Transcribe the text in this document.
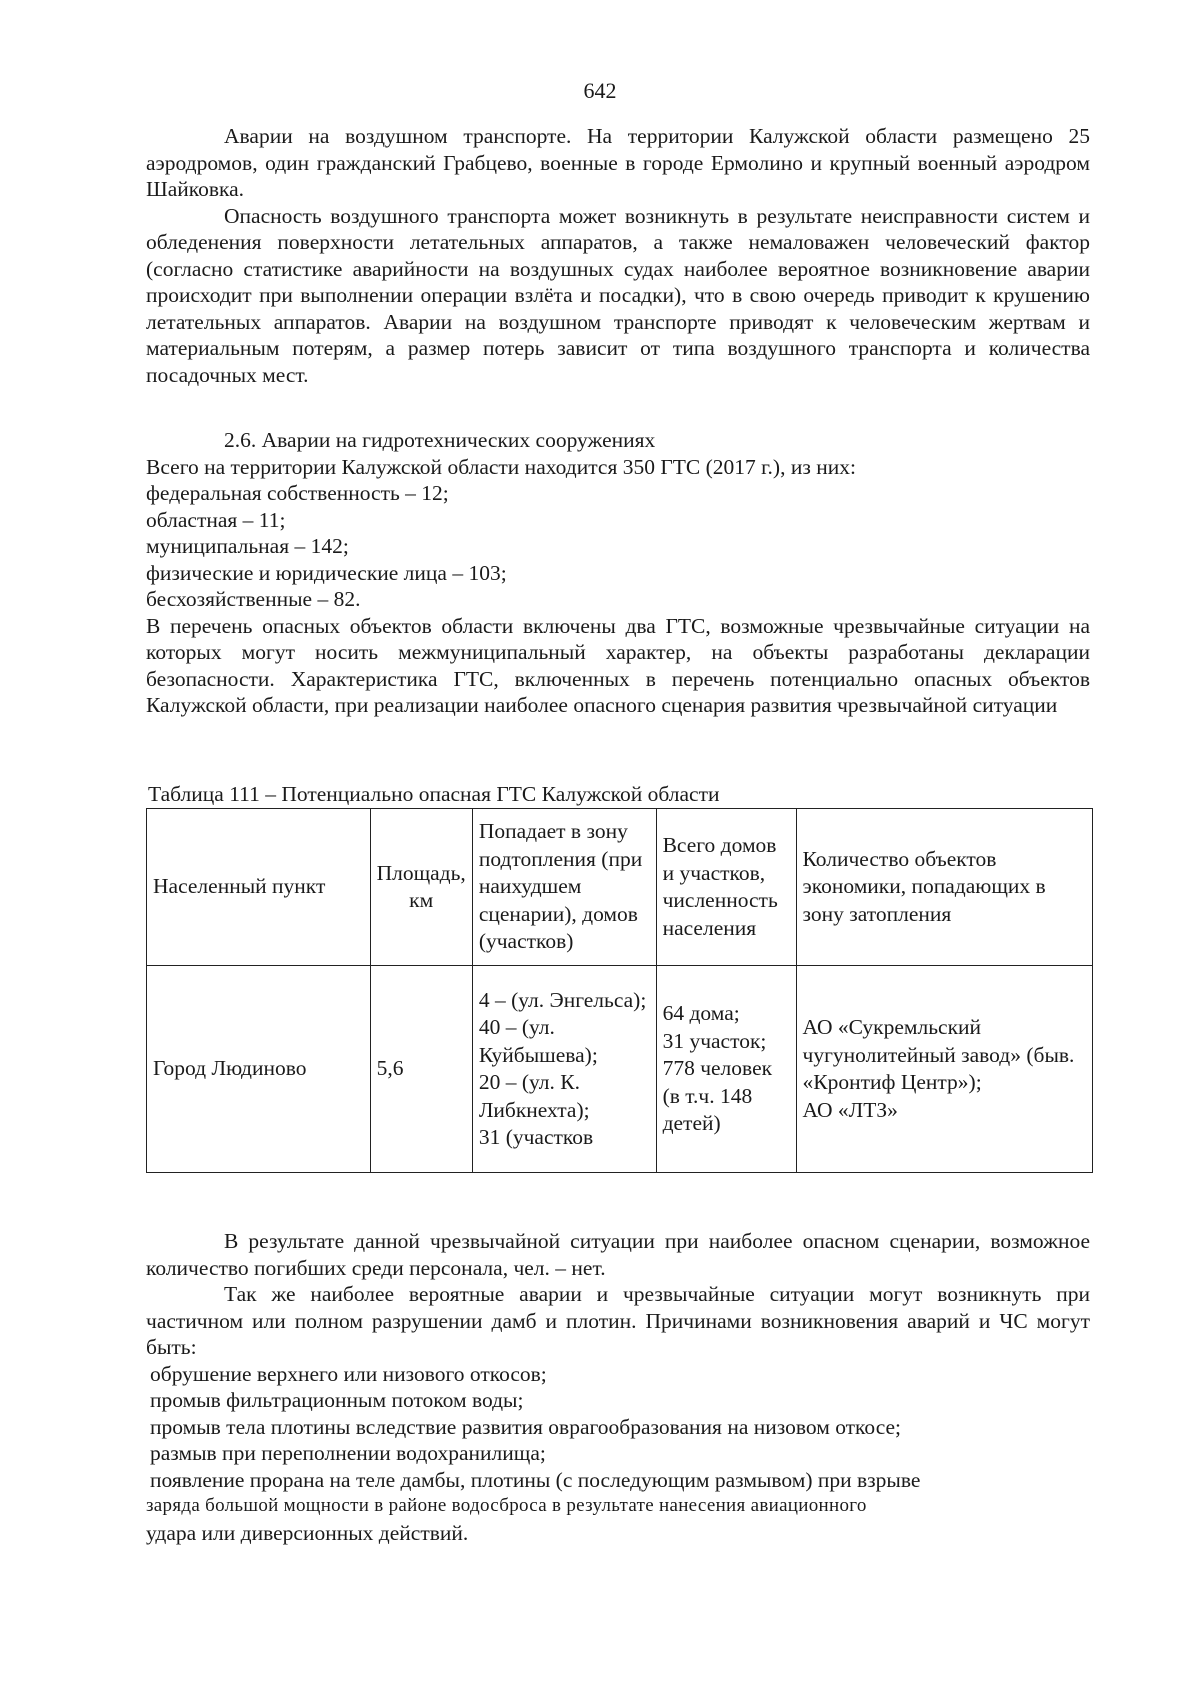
642

Аварии на воздушном транспорте. На территории Калужской области размещено 25 аэродромов, один гражданский Грабцево, военные в городе Ермолино и крупный военный аэродром Шайковка.

Опасность воздушного транспорта может возникнуть в результате неисправности систем и обледенения поверхности летательных аппаратов, а также немаловажен человеческий фактор (согласно статистике аварийности на воздушных судах наиболее вероятное возникновение аварии происходит при выполнении операции взлёта и посадки), что в свою очередь приводит к крушению летательных аппаратов. Аварии на воздушном транспорте приводят к человеческим жертвам и материальным потерям, а размер потерь зависит от типа воздушного транспорта и количества посадочных мест.

2.6. Аварии на гидротехнических сооружениях

Всего на территории Калужской области находится 350 ГТС (2017 г.), из них:

федеральная собственность – 12;

областная – 11;

муниципальная – 142;

физические и юридические лица – 103;

бесхозяйственные – 82.

В перечень опасных объектов области включены два ГТС, возможные чрезвычайные ситуации на которых могут носить межмуниципальный характер, на объекты разработаны декларации безопасности. Характеристика ГТС, включенных в перечень потенциально опасных объектов Калужской области, при реализации наиболее опасного сценария развития чрезвычайной ситуации

Таблица 111 – Потенциально опасная ГТС Калужской области
Населенный пункт	Площадь, км	Попадает в зону подтопления (при наихудшем сценарии), домов (участков)	Всего домов и участков, численность населения	Количество объектов экономики, попадающих в зону затопления
Город Людиново	5,6	4 – (ул. Энгельса);
40 – (ул. Куйбышева);
20 – (ул. К. Либкнехта);
31 (участков	64 дома;
31 участок;
778 человек
(в т.ч. 148 детей)	АО «Сукремльский чугунолитейный завод» (быв. «Кронтиф Центр»);
АО «ЛТЗ»

В результате данной чрезвычайной ситуации при наиболее опасном сценарии, возможное количество погибших среди персонала, чел. – нет.

Так же наиболее вероятные аварии и чрезвычайные ситуации могут возникнуть при частичном или полном разрушении дамб и плотин. Причинами возникновения аварий и ЧС могут быть:

обрушение верхнего или низового откосов;

промыв фильтрационным потоком воды;

промыв тела плотины вследствие развития оврагообразования на низовом откосе;

размыв при переполнении водохранилища;

появление прорана на теле дамбы, плотины (с последующим размывом) при взрыве

заряда большой мощности в районе водосброса в результате нанесения авиационного

удара или диверсионных действий.
